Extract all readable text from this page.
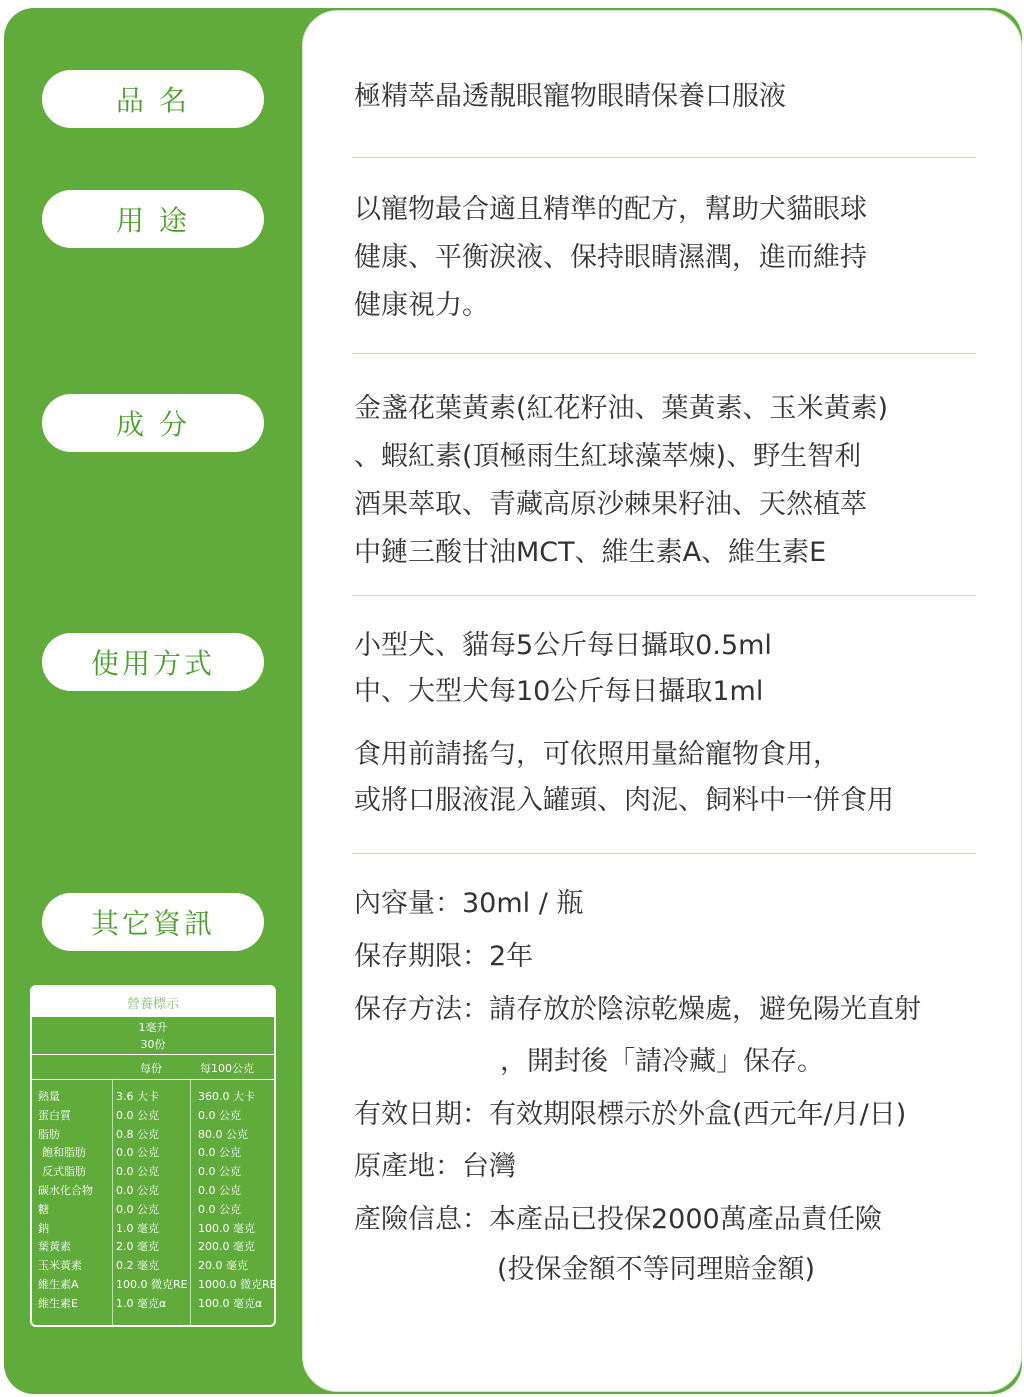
品 名
用 途
成 分
使用方式
其它資訊
極精萃晶透靚眼寵物眼睛保養口服液
以寵物最合適且精準的配方，幫助犬貓眼球
健康、平衡淚液、保持眼睛濕潤，進而維持
健康視力。
金盞花葉黃素(紅花籽油、葉黃素、玉米黃素)
、蝦紅素(頂極雨生紅球藻萃煉)、野生智利
酒果萃取、青藏高原沙棘果籽油、天然植萃
中鏈三酸甘油MCT、維生素A、維生素E
小型犬、貓每5公斤每日攝取0.5ml
中、大型犬每10公斤每日攝取1ml
食用前請搖勻，可依照用量給寵物食用，
或將口服液混入罐頭、肉泥、飼料中一併食用
內容量：30ml / 瓶
保存期限：2年
保存方法：請存放於陰涼乾燥處，避免陽光直射
，開封後「請冷藏」保存。
有效日期：有效期限標示於外盒(西元年/月/日)
原產地：台灣
產險信息：本產品已投保2000萬產品責任險
(投保金額不等同理賠金額)
營養標示
1毫升
30份
每份	每100公克
熱量	3.6 大卡	360.0 大卡
蛋白質	0.0 公克	0.0 公克
脂肪	0.8 公克	80.0 公克
飽和脂肪	0.0 公克	0.0 公克
反式脂肪	0.0 公克	0.0 公克
碳水化合物 0.0 公克	0.0 公克
糖	0.0 公克	0.0 公克
鈉	1.0 毫克	100.0 毫克
葉黃素	2.0 毫克	200.0 毫克
玉米黃素	0.2 毫克	20.0 毫克
維生素A	100.0 微克RE 1000.0 微克RE
維生素E	1.0 毫克α	100.0 毫克α
